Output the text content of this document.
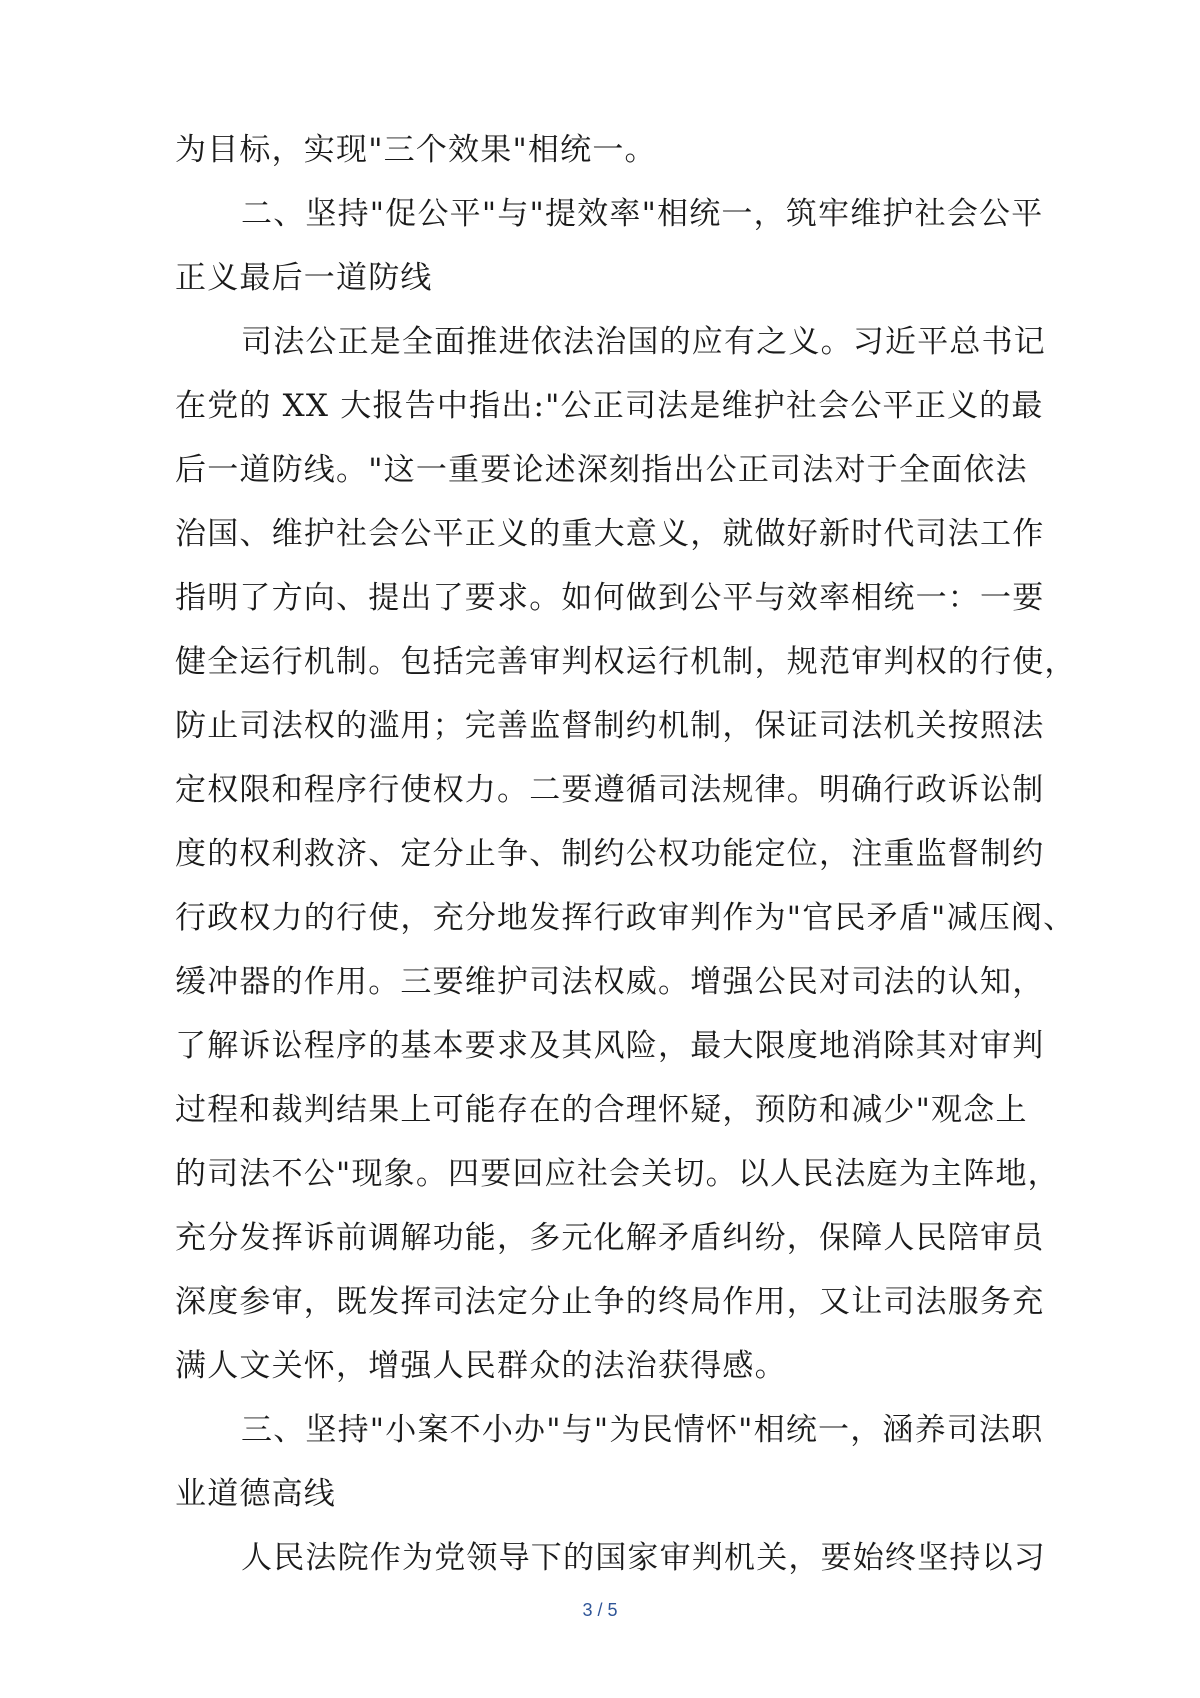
为目标，实现"三个效果"相统一。
二、坚持"促公平"与"提效率"相统一，筑牢维护社会公平
正义最后一道防线
司法公正是全面推进依法治国的应有之义。习近平总书记
在党的 XX 大报告中指出:"公正司法是维护社会公平正义的最
后一道防线。"这一重要论述深刻指出公正司法对于全面依法
治国、维护社会公平正义的重大意义，就做好新时代司法工作
指明了方向、提出了要求。如何做到公平与效率相统一：一要
健全运行机制。包括完善审判权运行机制，规范审判权的行使，
防止司法权的滥用；完善监督制约机制，保证司法机关按照法
定权限和程序行使权力。二要遵循司法规律。明确行政诉讼制
度的权利救济、定分止争、制约公权功能定位，注重监督制约
行政权力的行使，充分地发挥行政审判作为"官民矛盾"减压阀、
缓冲器的作用。三要维护司法权威。增强公民对司法的认知，
了解诉讼程序的基本要求及其风险，最大限度地消除其对审判
过程和裁判结果上可能存在的合理怀疑，预防和减少"观念上
的司法不公"现象。四要回应社会关切。以人民法庭为主阵地，
充分发挥诉前调解功能，多元化解矛盾纠纷，保障人民陪审员
深度参审，既发挥司法定分止争的终局作用，又让司法服务充
满人文关怀，增强人民群众的法治获得感。
三、坚持"小案不小办"与"为民情怀"相统一，涵养司法职
业道德高线
人民法院作为党领导下的国家审判机关，要始终坚持以习
3 / 5
